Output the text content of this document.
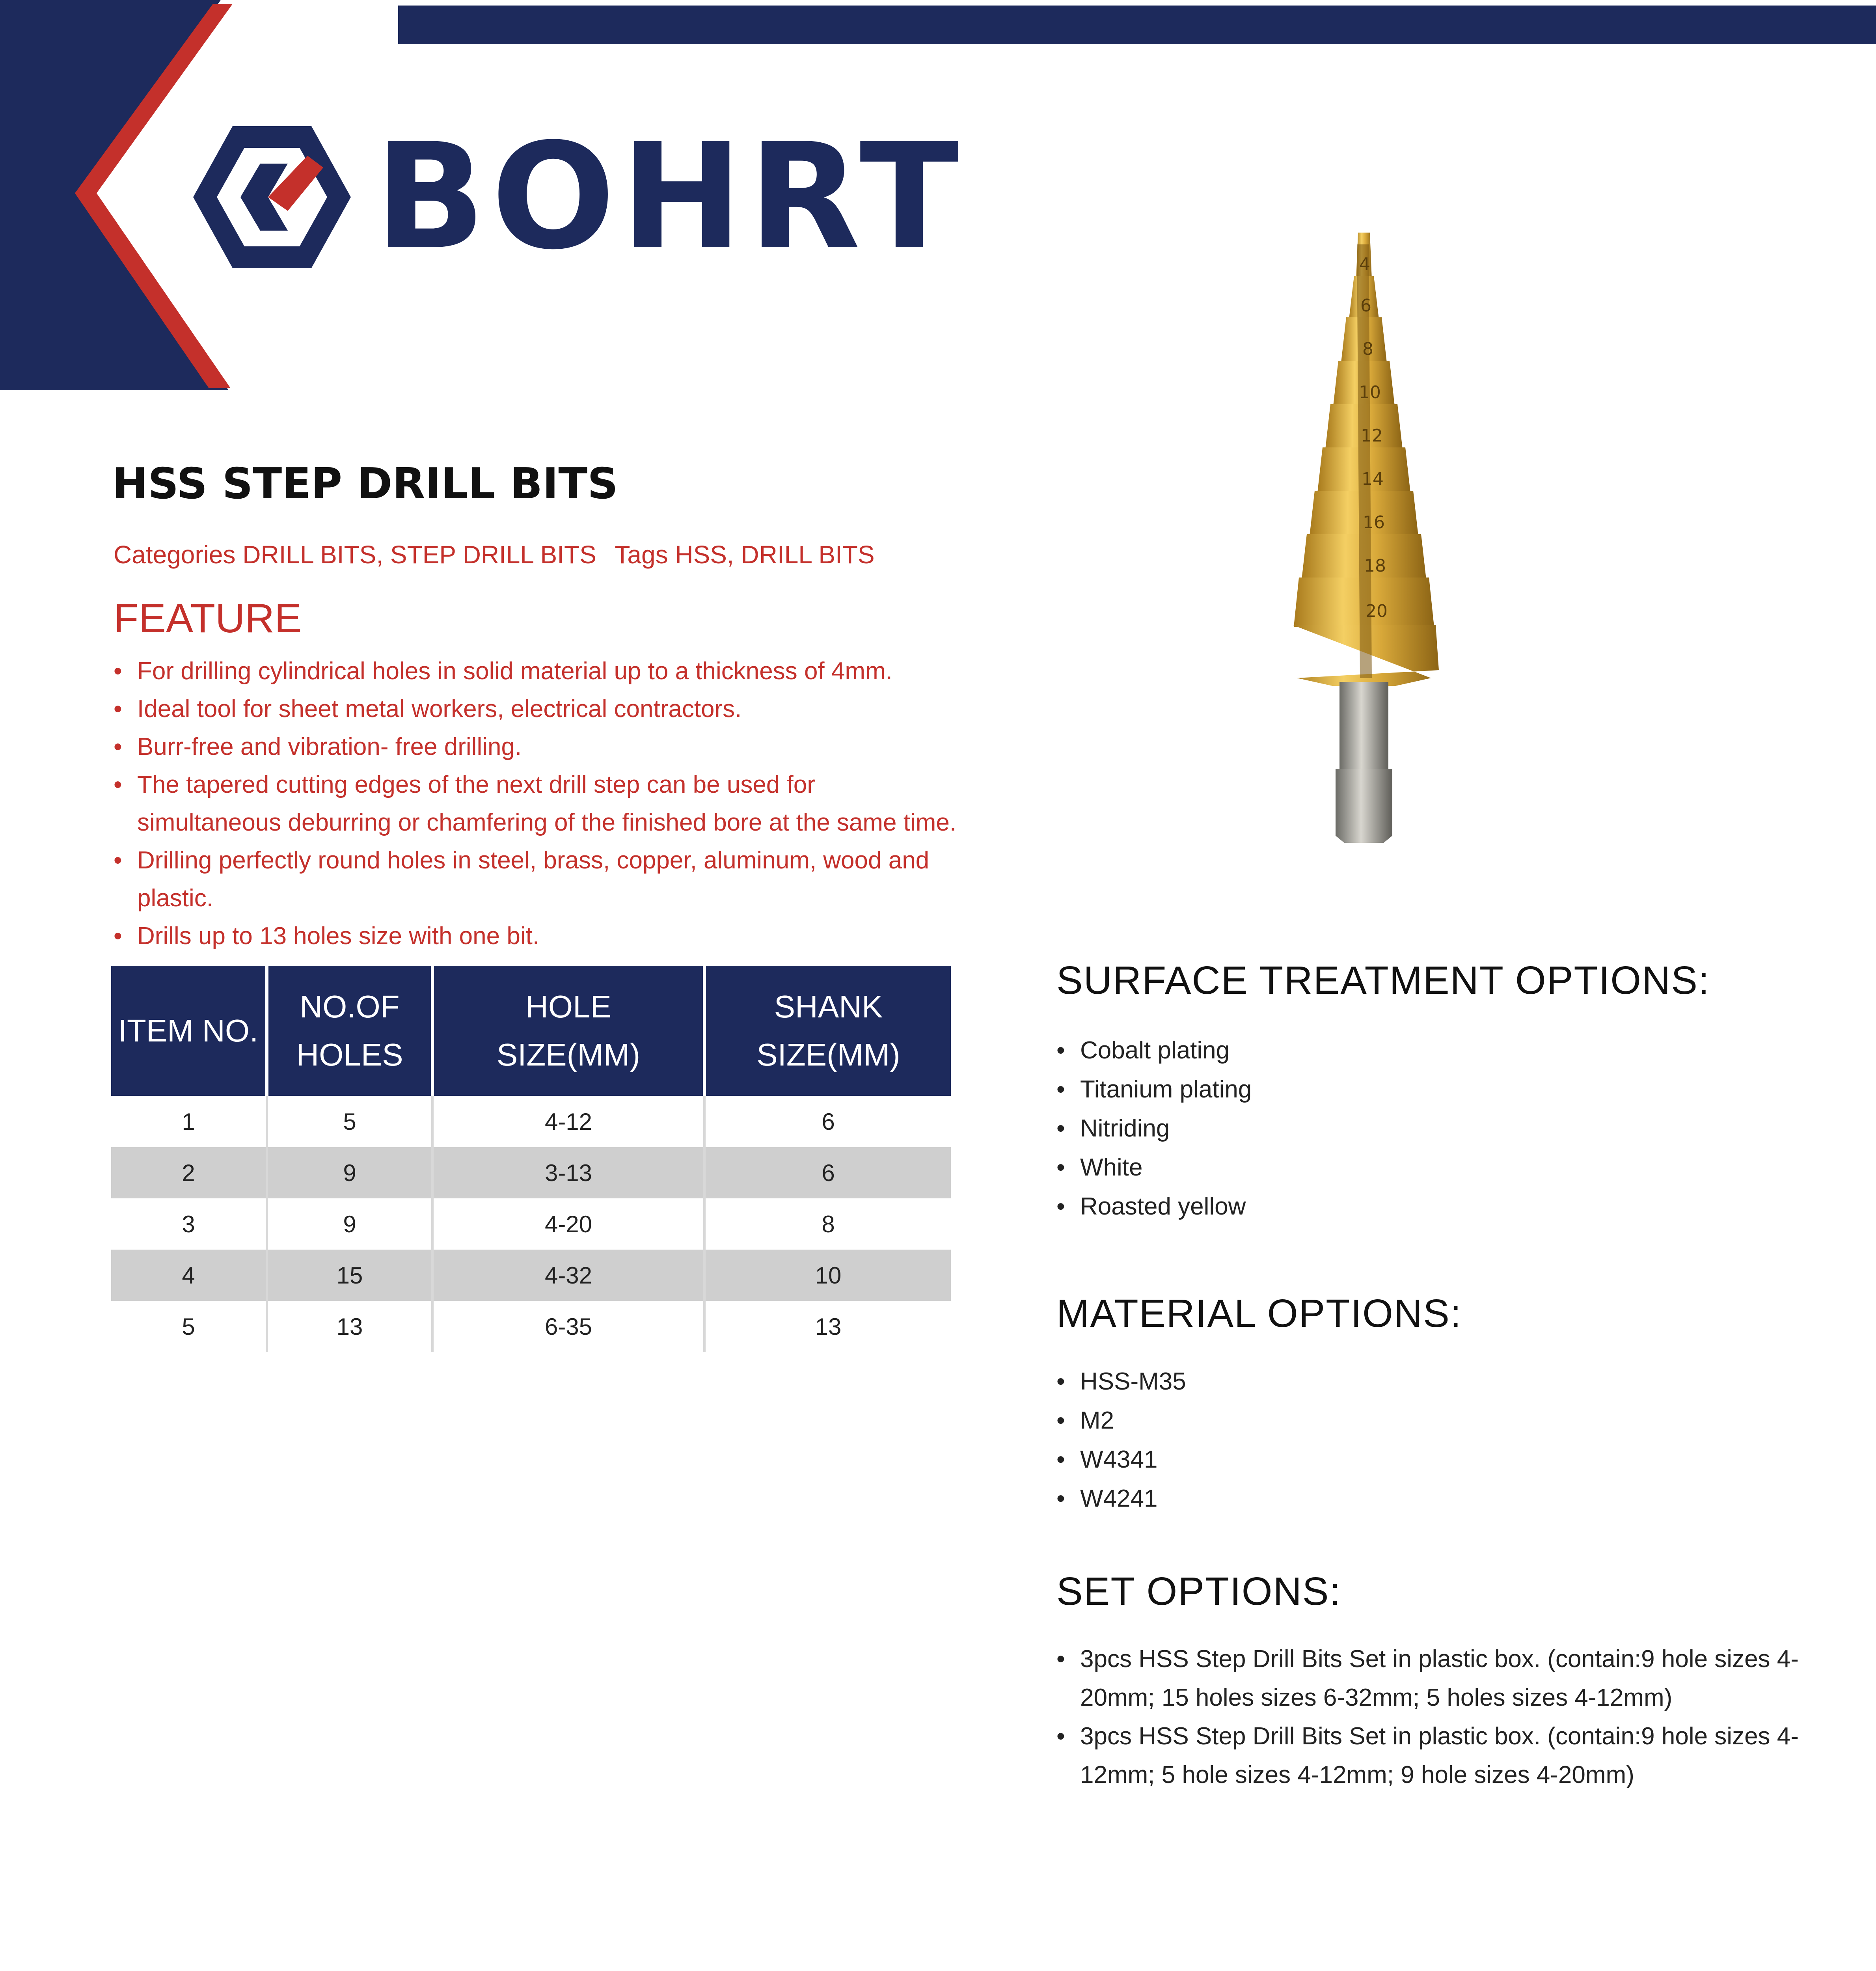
BOHRT
HSS STEP DRILL BITS
Categories DRILL BITS, STEP DRILL BITS Tags HSS, DRILL BITS
FEATURE
• For drilling cylindrical holes in solid material up to a thickness of 4mm.
• Ideal tool for sheet metal workers, electrical contractors.
• Burr-free and vibration- free drilling.
• The tapered cutting edges of the next drill step can be used for simultaneous deburring or chamfering of the finished bore at the same time.
• Drilling perfectly round holes in steel, brass, copper, aluminum, wood and plastic.
• Drills up to 13 holes size with one bit.
ITEM NO.	NO.OF HOLES	HOLE SIZE(MM)	SHANK SIZE(MM)
1	5	4-12	6
2	9	3-13	6
3	9	4-20	8
4	15	4-32	10
5	13	6-35	13
4
6
8
10
12
14
16
18
20
SURFACE TREATMENT OPTIONS:
• Cobalt plating
• Titanium plating
• Nitriding
• White
• Roasted yellow
MATERIAL OPTIONS:
• HSS-M35
• M2
• W4341
• W4241
SET OPTIONS:
• 3pcs HSS Step Drill Bits Set in plastic box. (contain:9 hole sizes 4-20mm; 15 holes sizes 6-32mm; 5 holes sizes 4-12mm)
• 3pcs HSS Step Drill Bits Set in plastic box. (contain:9 hole sizes 4-12mm; 5 hole sizes 4-12mm; 9 hole sizes 4-20mm)
